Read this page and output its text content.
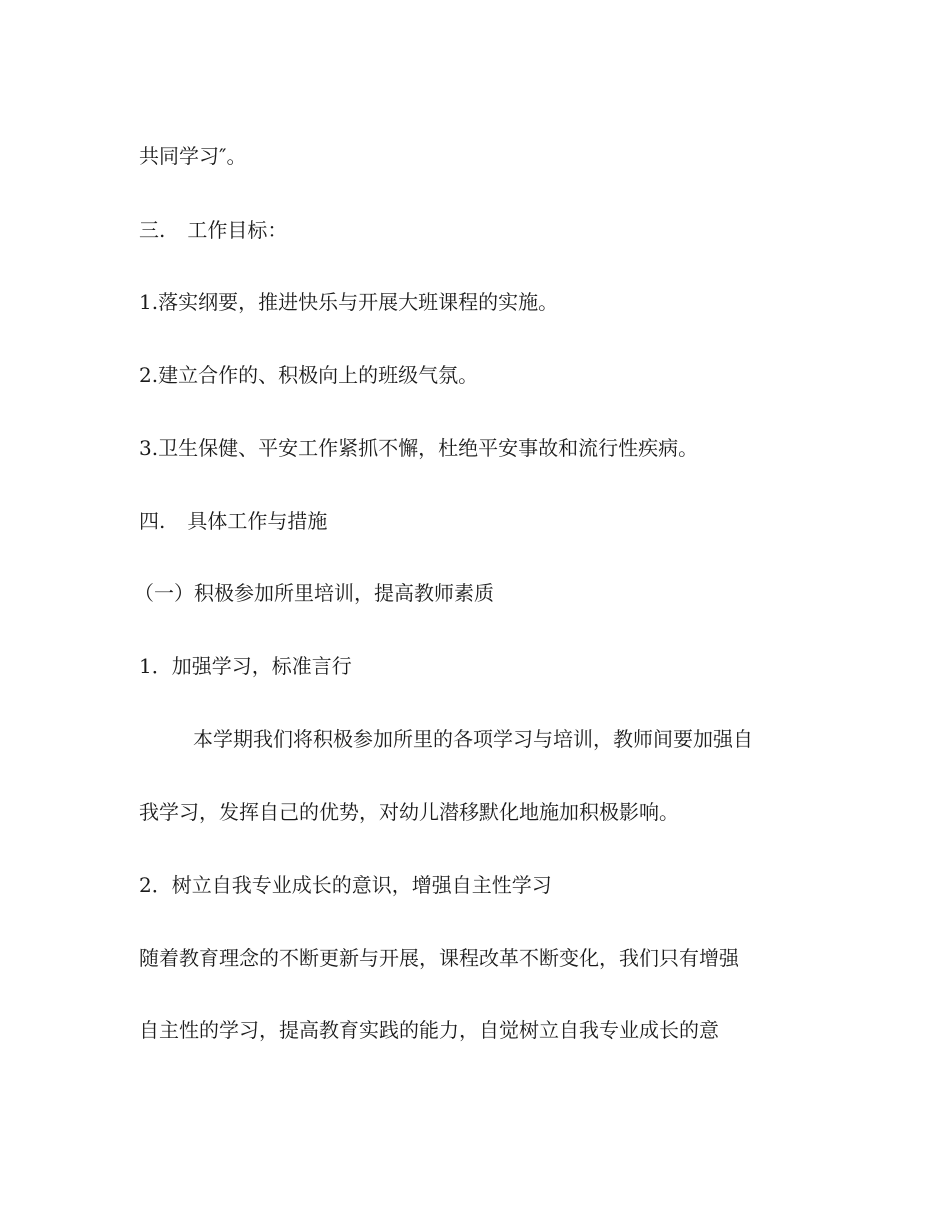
共同学习″。
三. 工作目标：
1.落实纲要，推进快乐与开展大班课程的实施。
2.建立合作的、积极向上的班级气氛。
3.卫生保健、平安工作紧抓不懈，杜绝平安事故和流行性疾病。
四. 具体工作与措施
（一）积极参加所里培训，提高教师素质
1．加强学习，标准言行
本学期我们将积极参加所里的各项学习与培训，教师间要加强自
我学习，发挥自己的优势，对幼儿潜移默化地施加积极影响。
2．树立自我专业成长的意识，增强自主性学习
随着教育理念的不断更新与开展，课程改革不断变化，我们只有增强
自主性的学习，提高教育实践的能力，自觉树立自我专业成长的意
